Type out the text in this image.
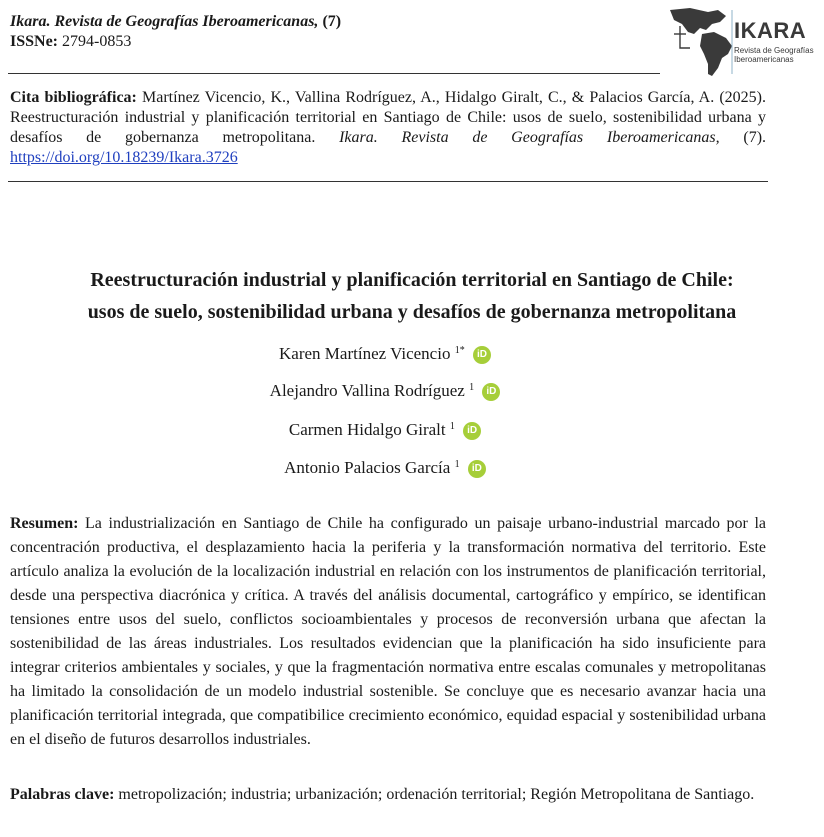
Ikara. Revista de Geografías Iberoamericanas, (7)
ISSNe: 2794-0853	IKARA
Revista de Geografías
Iberoamericanas
Cita bibliográfica: Martínez Vicencio, K., Vallina Rodríguez, A., Hidalgo Giralt, C., & Palacios García, A. (2025). Reestructuración industrial y planificación territorial en Santiago de Chile: usos de suelo, sostenibilidad urbana y desafíos de gobernanza metropolitana. Ikara. Revista de Geografías Iberoamericanas, (7). https://doi.org/10.18239/Ikara.3726
Reestructuración industrial y planificación territorial en Santiago de Chile:
usos de suelo, sostenibilidad urbana y desafíos de gobernanza metropolitana
Karen Martínez Vicencio $^{1*}$ iD
Alejandro Vallina Rodríguez $^1$ iD
Carmen Hidalgo Giralt $^1$ iD
Antonio Palacios García $^1$ iD
Resumen: La industrialización en Santiago de Chile ha configurado un paisaje urbano-industrial marcado por la concentración productiva, el desplazamiento hacia la periferia y la transformación normativa del territorio. Este artículo analiza la evolución de la localización industrial en relación con los instrumentos de planificación territorial, desde una perspectiva diacrónica y crítica. A través del análisis documental, cartográfico y empírico, se identifican tensiones entre usos del suelo, conflictos socioambientales y procesos de reconversión urbana que afectan la sostenibilidad de las áreas industriales. Los resultados evidencian que la planificación ha sido insuficiente para integrar criterios ambientales y sociales, y que la fragmentación normativa entre escalas comunales y metropolitanas ha limitado la consolidación de un modelo industrial sostenible. Se concluye que es necesario avanzar hacia una planificación territorial integrada, que compatibilice crecimiento económico, equidad espacial y sostenibilidad urbana en el diseño de futuros desarrollos industriales.
Palabras clave: metropolización; industria; urbanización; ordenación territorial; Región Metropolitana de Santiago.
